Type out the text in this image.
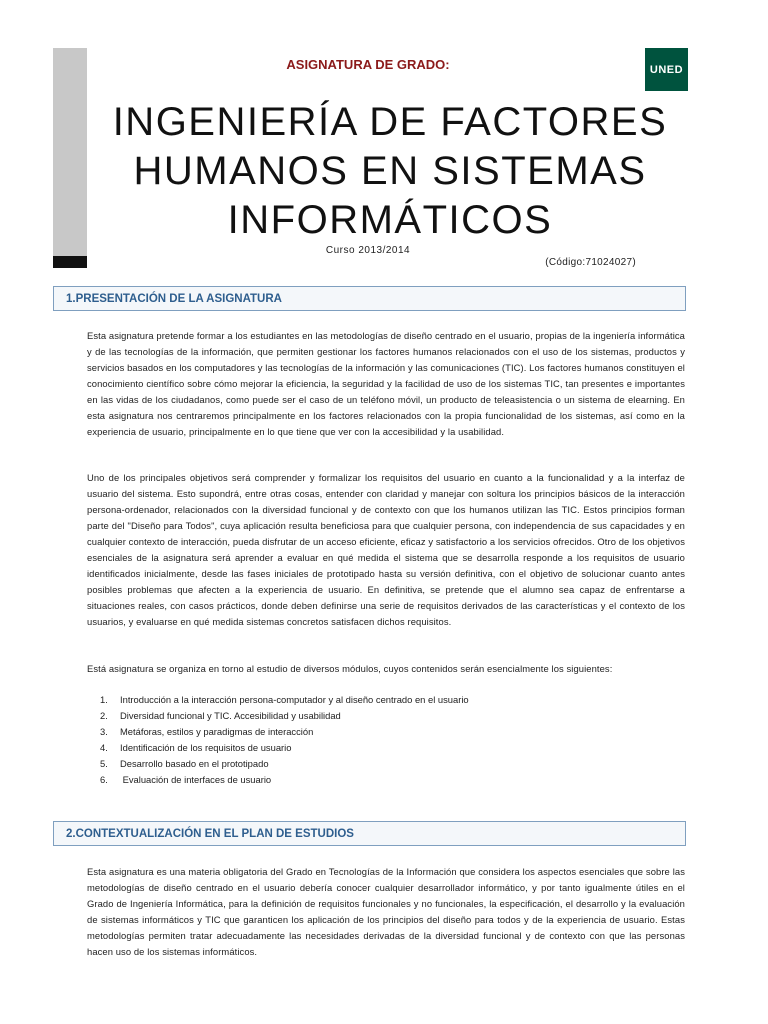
UNED
ASIGNATURA DE GRADO:
INGENIERÍA DE FACTORES
HUMANOS EN SISTEMAS
INFORMÁTICOS
Curso 2013/2014
(Código:71024027)
1.PRESENTACIÓN DE LA ASIGNATURA

Esta asignatura pretende formar a los estudiantes en las metodologías de diseño centrado en el usuario, propias de la ingeniería informática y de las tecnologías de la información, que permiten gestionar los factores humanos relacionados con el uso de los sistemas, productos y servicios basados en los computadores y las tecnologías de la información y las comunicaciones (TIC). Los factores humanos constituyen el conocimiento científico sobre cómo mejorar la eficiencia, la seguridad y la facilidad de uso de los sistemas TIC, tan presentes e importantes en las vidas de los ciudadanos, como puede ser el caso de un teléfono móvil, un producto de teleasistencia o un sistema de elearning. En esta asignatura nos centraremos principalmente en los factores relacionados con la propia funcionalidad de los sistemas, así como en la experiencia de usuario, principalmente en lo que tiene que ver con la accesibilidad y la usabilidad.

Uno de los principales objetivos será comprender y formalizar los requisitos del usuario en cuanto a la funcionalidad y a la interfaz de usuario del sistema. Esto supondrá, entre otras cosas, entender con claridad y manejar con soltura los principios básicos de la interacción persona-ordenador, relacionados con la diversidad funcional y de contexto con que los humanos utilizan las TIC. Estos principios forman parte del "Diseño para Todos", cuya aplicación resulta beneficiosa para que cualquier persona, con independencia de sus capacidades y en cualquier contexto de interacción, pueda disfrutar de un acceso eficiente, eficaz y satisfactorio a los servicios ofrecidos. Otro de los objetivos esenciales de la asignatura será aprender a evaluar en qué medida el sistema que se desarrolla responde a los requisitos de usuario identificados inicialmente, desde las fases iniciales de prototipado hasta su versión definitiva, con el objetivo de solucionar cuanto antes posibles problemas que afecten a la experiencia de usuario. En definitiva, se pretende que el alumno sea capaz de enfrentarse a situaciones reales, con casos prácticos, donde deben definirse una serie de requisitos derivados de las características y el contexto de los usuarios, y evaluarse en qué medida sistemas concretos satisfacen dichos requisitos.

Está asignatura se organiza en torno al estudio de diversos módulos, cuyos contenidos serán esencialmente los siguientes:

1.	Introducción a la interacción persona-computador y al diseño centrado en el usuario
2.	Diversidad funcional y TIC. Accesibilidad y usabilidad
3.	Metáforas, estilos y paradigmas de interacción
4.	Identificación de los requisitos de usuario
5.	Desarrollo basado en el prototipado
6.	Evaluación de interfaces de usuario
2.CONTEXTUALIZACIÓN EN EL PLAN DE ESTUDIOS

Esta asignatura es una materia obligatoria del Grado en Tecnologías de la Información que considera los aspectos esenciales que sobre las metodologías de diseño centrado en el usuario debería conocer cualquier desarrollador informático, y por tanto igualmente útiles en el Grado de Ingeniería Informática, para la definición de requisitos funcionales y no funcionales, la especificación, el desarrollo y la evaluación de sistemas informáticos y TIC que garanticen los aplicación de los principios del diseño para todos y de la experiencia de usuario. Estas metodologías permiten tratar adecuadamente las necesidades derivadas de la diversidad funcional y de contexto con que las personas hacen uso de los sistemas informáticos.
